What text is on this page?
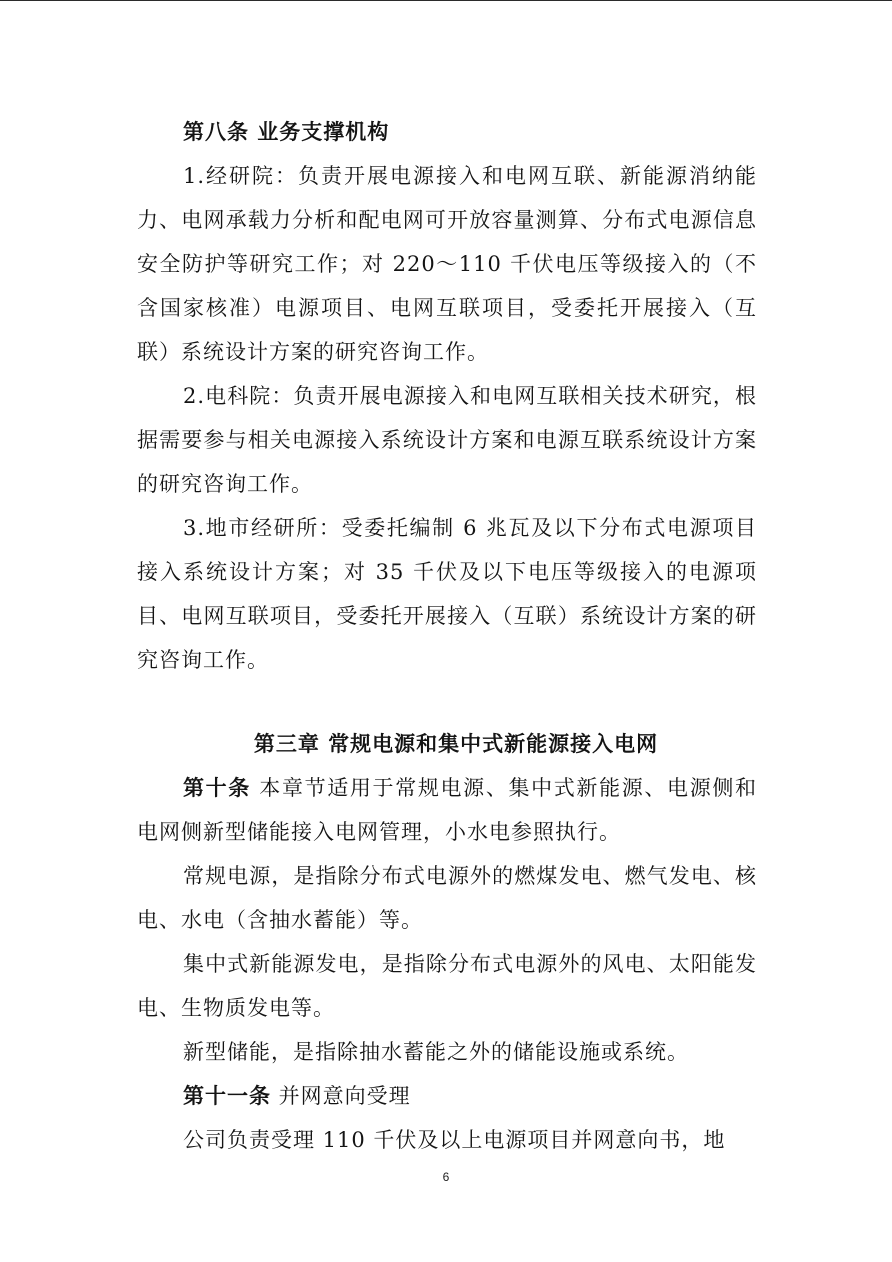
第八条 业务支撑机构
1.经研院：负责开展电源接入和电网互联、新能源消纳能力、电网承载力分析和配电网可开放容量测算、分布式电源信息安全防护等研究工作；对 220～110 千伏电压等级接入的（不含国家核准）电源项目、电网互联项目，受委托开展接入（互联）系统设计方案的研究咨询工作。
2.电科院：负责开展电源接入和电网互联相关技术研究，根据需要参与相关电源接入系统设计方案和电源互联系统设计方案的研究咨询工作。
3.地市经研所：受委托编制 6 兆瓦及以下分布式电源项目接入系统设计方案；对 35 千伏及以下电压等级接入的电源项目、电网互联项目，受委托开展接入（互联）系统设计方案的研究咨询工作。
第三章 常规电源和集中式新能源接入电网
第十条 本章节适用于常规电源、集中式新能源、电源侧和电网侧新型储能接入电网管理，小水电参照执行。
常规电源，是指除分布式电源外的燃煤发电、燃气发电、核电、水电（含抽水蓄能）等。
集中式新能源发电，是指除分布式电源外的风电、太阳能发电、生物质发电等。
新型储能，是指除抽水蓄能之外的储能设施或系统。
第十一条 并网意向受理
公司负责受理 110 千伏及以上电源项目并网意向书，地
6
